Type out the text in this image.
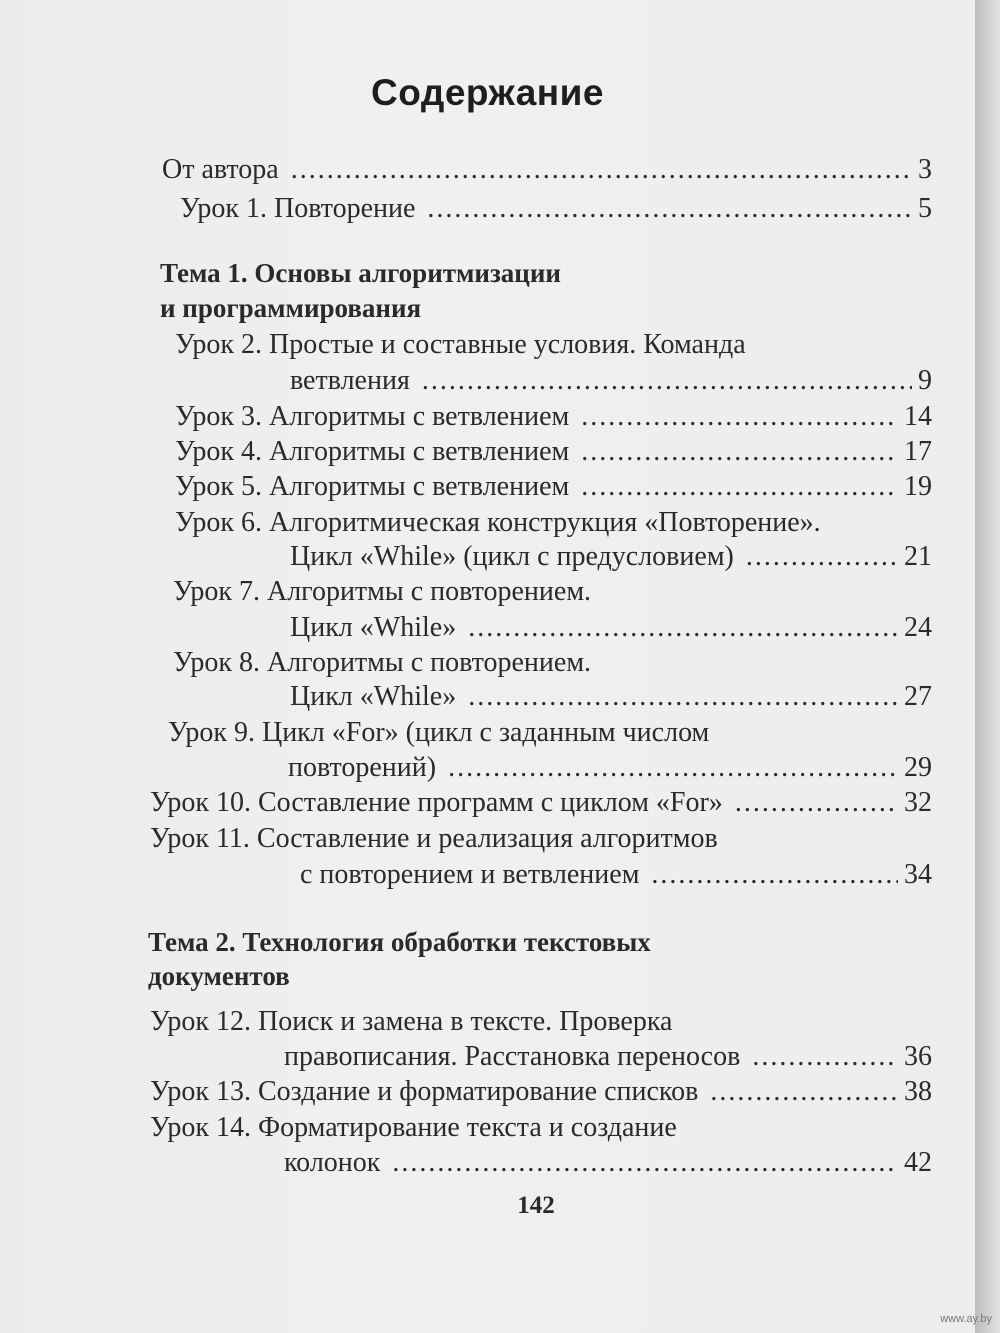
Содержание
От автора .....	3
Урок 1. Повторение .....	5
Тема 1. Основы алгоритмизации
и программирования
Урок 2. Простые и составные условия. Команда
ветвления .....	9
Урок 3. Алгоритмы с ветвлением .....	14
Урок 4. Алгоритмы с ветвлением .....	17
Урок 5. Алгоритмы с ветвлением .....	19
Урок 6. Алгоритмическая конструкция «Повторение».
Цикл «While» (цикл с предусловием) .....	21
Урок 7. Алгоритмы с повторением.
Цикл «While» .....	24
Урок 8. Алгоритмы с повторением.
Цикл «While» .....	27
Урок 9. Цикл «For» (цикл с заданным числом
повторений) .....	29
Урок 10. Составление программ с циклом «For» .....	32
Урок 11. Составление и реализация алгоритмов
с повторением и ветвлением .....	34
Тема 2. Технология обработки текстовых
документов
Урок 12. Поиск и замена в тексте. Проверка
правописания. Расстановка переносов .....	36
Урок 13. Создание и форматирование списков .....	38
Урок 14. Форматирование текста и создание
колонок .....	42
142
www.ay.by
